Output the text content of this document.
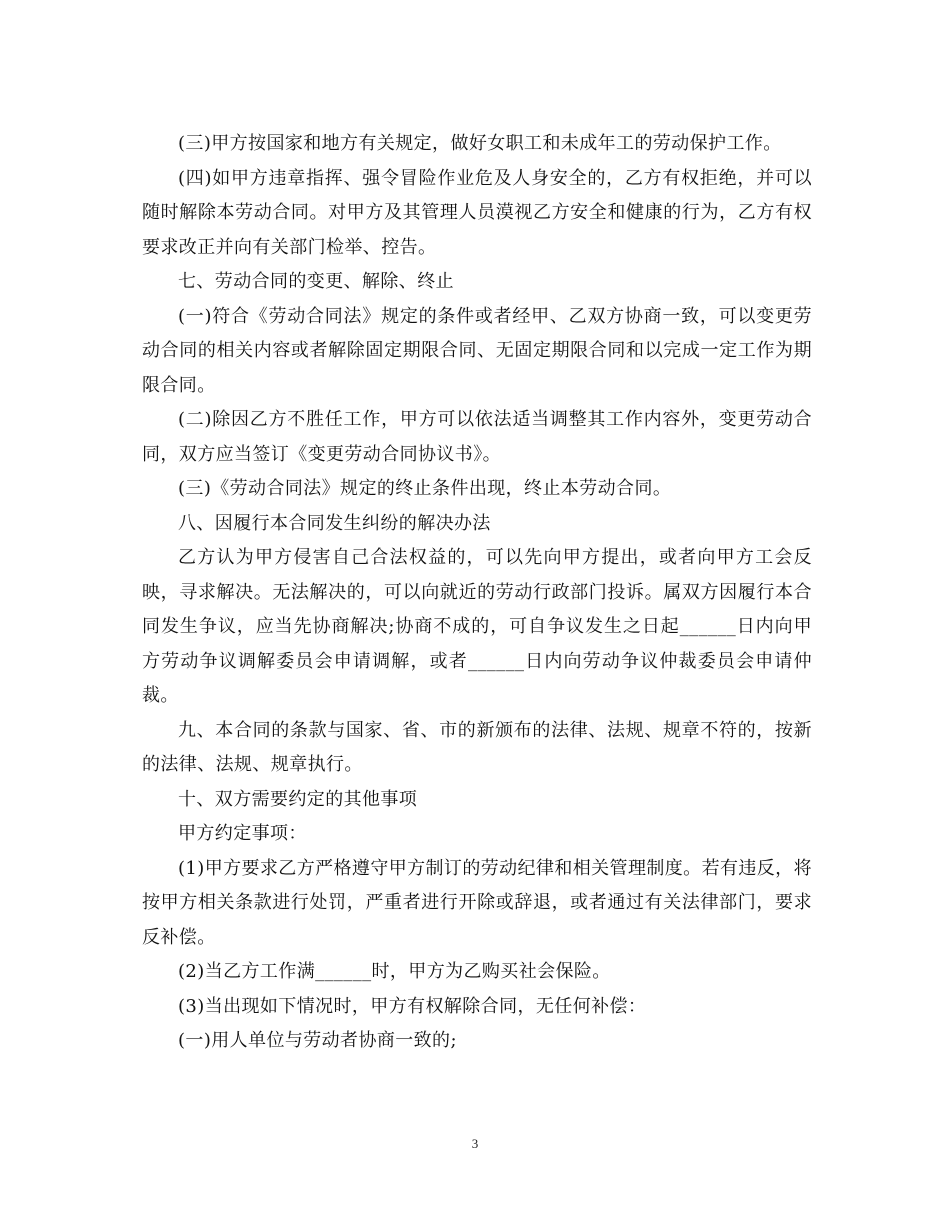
(三)甲方按国家和地方有关规定，做好女职工和未成年工的劳动保护工作。

(四)如甲方违章指挥、强令冒险作业危及人身安全的，乙方有权拒绝，并可以随时解除本劳动合同。对甲方及其管理人员漠视乙方安全和健康的行为，乙方有权要求改正并向有关部门检举、控告。

七、劳动合同的变更、解除、终止

(一)符合《劳动合同法》规定的条件或者经甲、乙双方协商一致，可以变更劳动合同的相关内容或者解除固定期限合同、无固定期限合同和以完成一定工作为期限合同。

(二)除因乙方不胜任工作，甲方可以依法适当调整其工作内容外，变更劳动合同，双方应当签订《变更劳动合同协议书》。

(三)《劳动合同法》规定的终止条件出现，终止本劳动合同。

八、因履行本合同发生纠纷的解决办法

乙方认为甲方侵害自己合法权益的，可以先向甲方提出，或者向甲方工会反映，寻求解决。无法解决的，可以向就近的劳动行政部门投诉。属双方因履行本合同发生争议，应当先协商解决;协商不成的，可自争议发生之日起______日内向甲方劳动争议调解委员会申请调解，或者______日内向劳动争议仲裁委员会申请仲裁。

九、本合同的条款与国家、省、市的新颁布的法律、法规、规章不符的，按新的法律、法规、规章执行。

十、双方需要约定的其他事项

甲方约定事项：

(1)甲方要求乙方严格遵守甲方制订的劳动纪律和相关管理制度。若有违反，将按甲方相关条款进行处罚，严重者进行开除或辞退，或者通过有关法律部门，要求反补偿。

(2)当乙方工作满______时，甲方为乙购买社会保险。

(3)当出现如下情况时，甲方有权解除合同，无任何补偿：

(一)用人单位与劳动者协商一致的;

3
